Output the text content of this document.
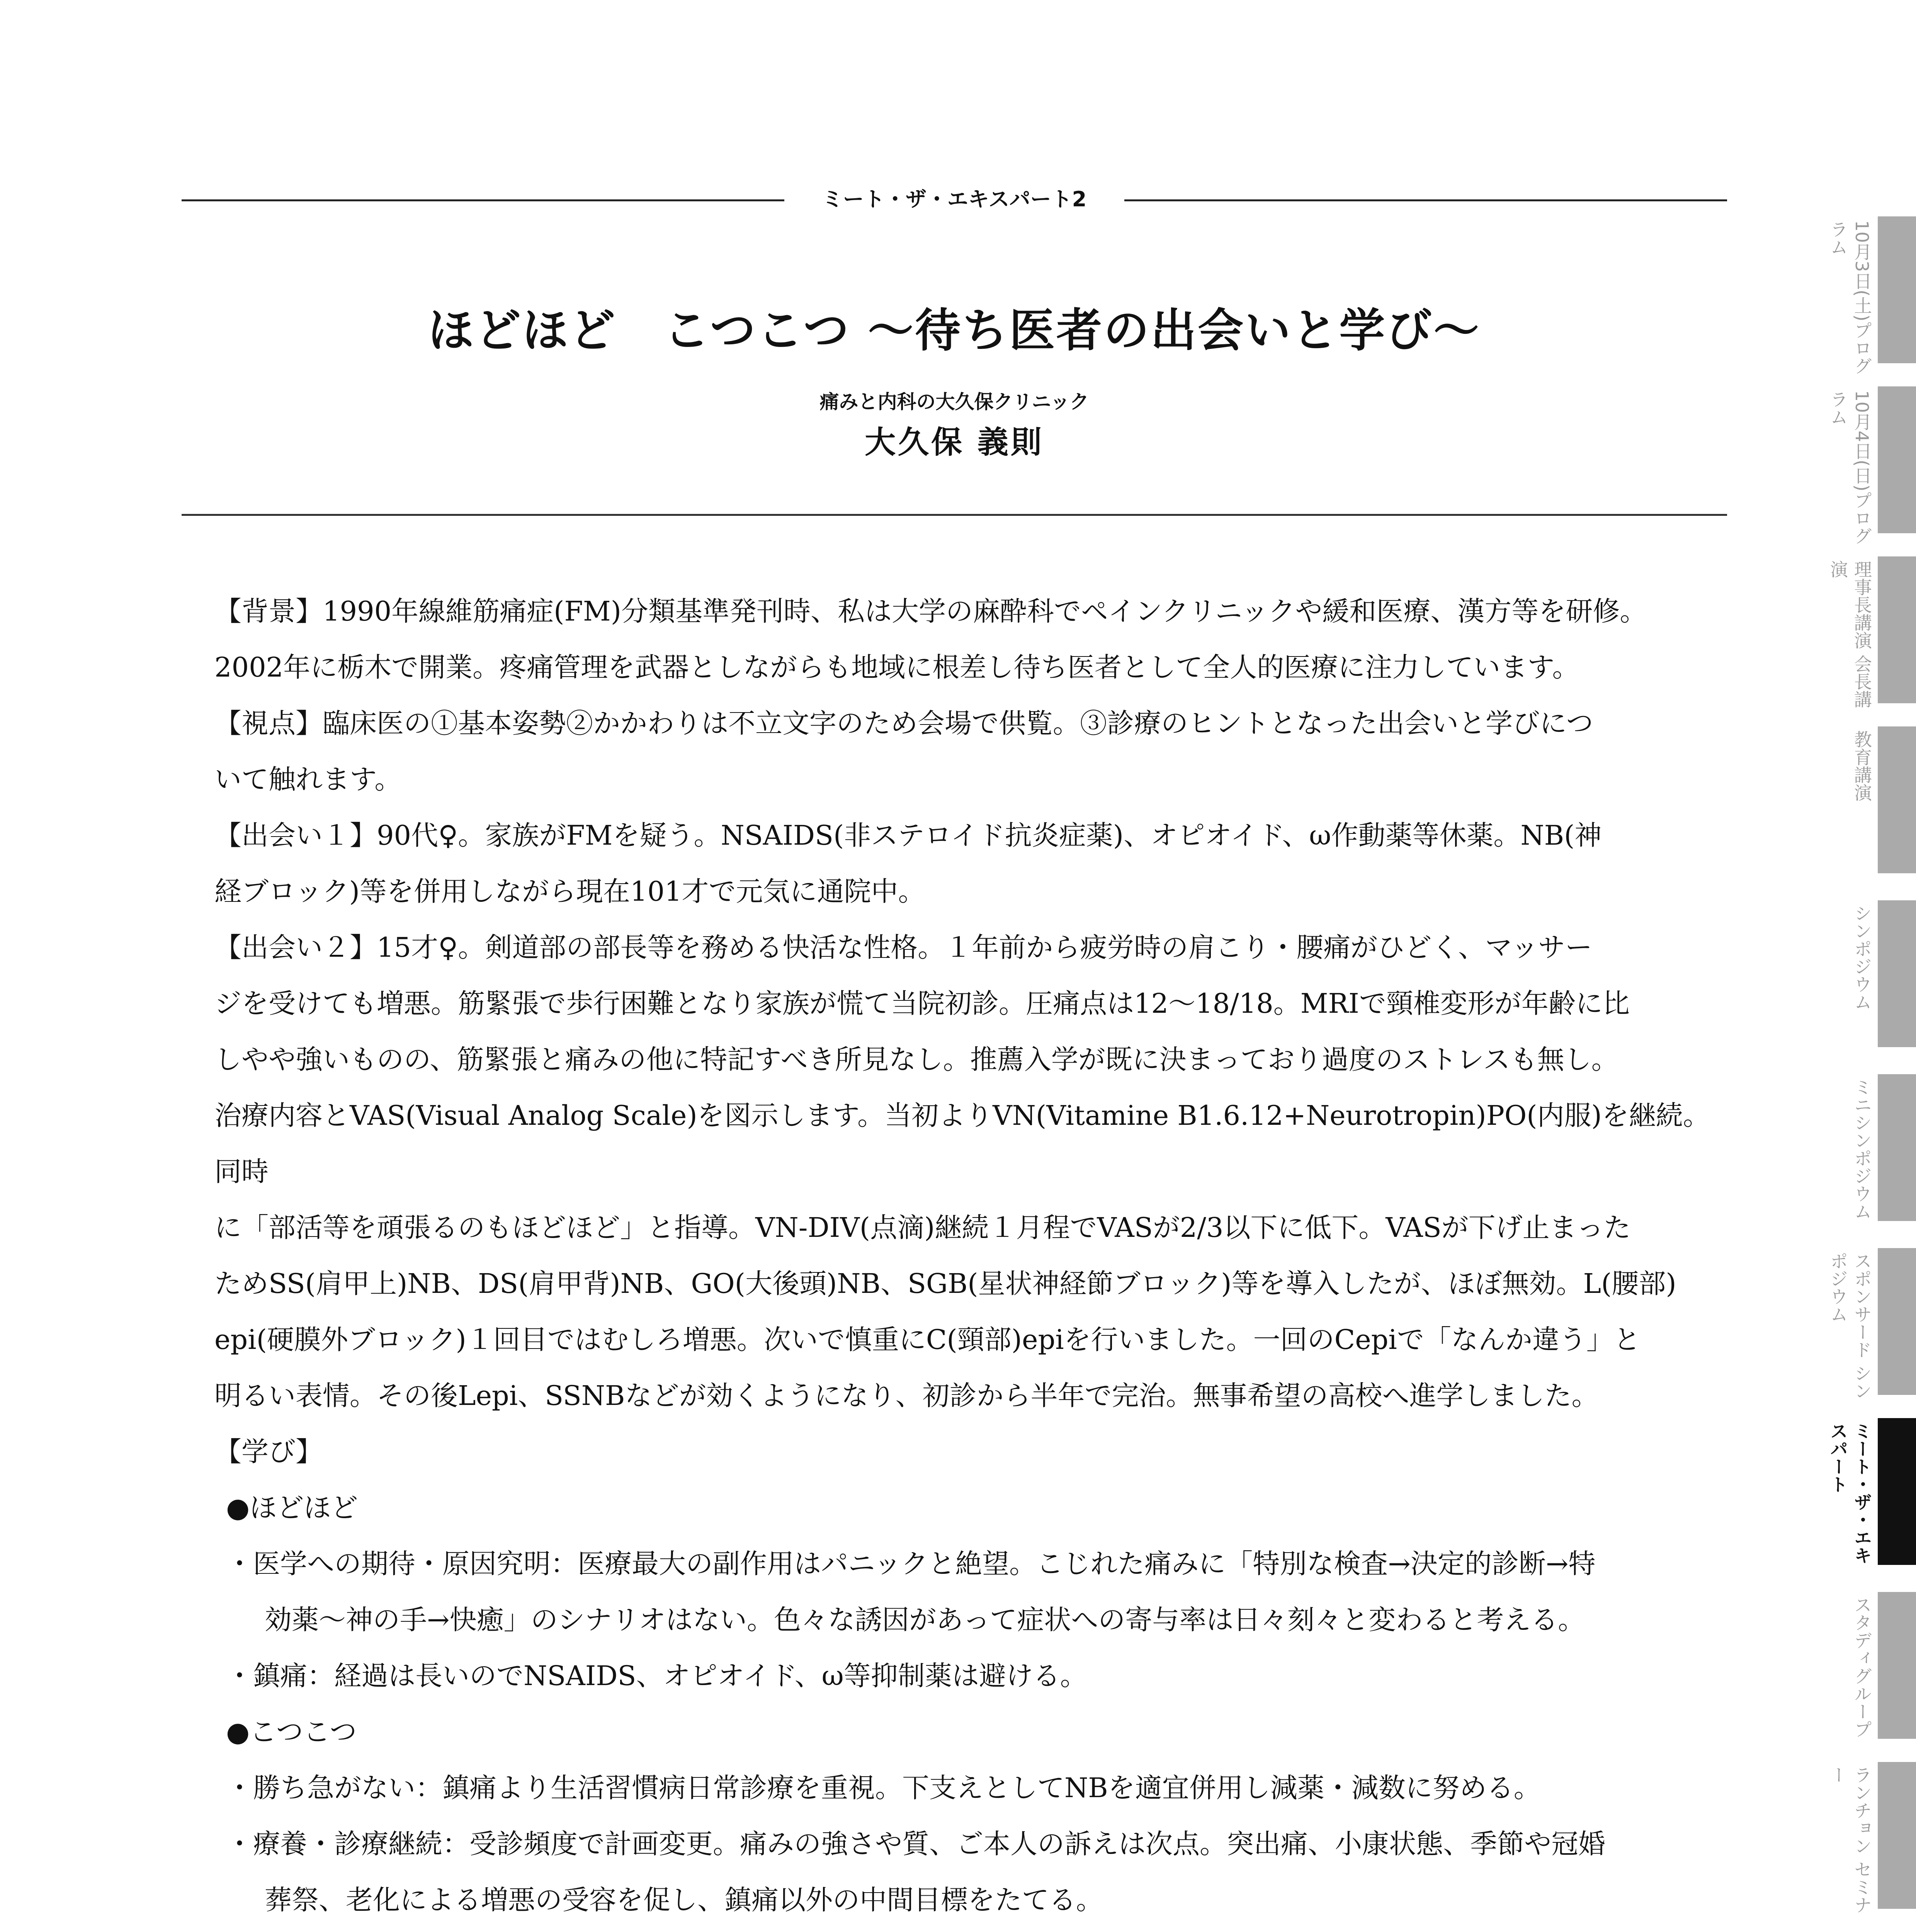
ミート・ザ・エキスパート2
ほどほど　こつこつ ～待ち医者の出会いと学び～
痛みと内科の大久保クリニック
大久保 義則

【背景】1990年線維筋痛症(FM)分類基準発刊時、私は大学の麻酔科でペインクリニックや緩和医療、漢方等を研修。

2002年に栃木で開業。疼痛管理を武器としながらも地域に根差し待ち医者として全人的医療に注力しています。

【視点】臨床医の①基本姿勢②かかわりは不立文字のため会場で供覧。③診療のヒントとなった出会いと学びにつ

いて触れます。

【出会い１】90代♀。家族がFMを疑う。NSAIDS(非ステロイド抗炎症薬)、オピオイド、ω作動薬等休薬。NB(神

経ブロック)等を併用しながら現在101才で元気に通院中。

【出会い２】15才♀。剣道部の部長等を務める快活な性格。１年前から疲労時の肩こり・腰痛がひどく、マッサー

ジを受けても増悪。筋緊張で歩行困難となり家族が慌て当院初診。圧痛点は12～18/18。MRIで頸椎変形が年齢に比

しやや強いものの、筋緊張と痛みの他に特記すべき所見なし。推薦入学が既に決まっており過度のストレスも無し。

治療内容とVAS(Visual Analog Scale)を図示します。当初よりVN(Vitamine B1.6.12+Neurotropin)PO(内服)を継続。同時

に「部活等を頑張るのもほどほど」と指導。VN-DIV(点滴)継続１月程でVASが2/3以下に低下。VASが下げ止まった

ためSS(肩甲上)NB、DS(肩甲背)NB、GO(大後頭)NB、SGB(星状神経節ブロック)等を導入したが、ほぼ無効。L(腰部)

epi(硬膜外ブロック)１回目ではむしろ増悪。次いで慎重にC(頸部)epiを行いました。一回のCepiで「なんか違う」と

明るい表情。その後Lepi、SSNBなどが効くようになり、初診から半年で完治。無事希望の高校へ進学しました。

【学び】

●ほどほど

・医学への期待・原因究明：医療最大の副作用はパニックと絶望。こじれた痛みに「特別な検査→決定的診断→特

効薬～神の手→快癒」のシナリオはない。色々な誘因があって症状への寄与率は日々刻々と変わると考える。

・鎮痛：経過は長いのでNSAIDS、オピオイド、ω等抑制薬は避ける。

●こつこつ

・勝ち急がない：鎮痛より生活習慣病日常診療を重視。下支えとしてNBを適宜併用し減薬・減数に努める。

・療養・診療継続：受診頻度で計画変更。痛みの強さや質、ご本人の訴えは次点。突出痛、小康状態、季節や冠婚

葬祭、老化による増悪の受容を促し、鎮痛以外の中間目標をたてる。

10月3日(土)プログラム
10月4日(日)プログラム
理事長講演 会長講演
教育講演
シンポジウム
ミニシンポジウム
スポンサード シンポジウム
ミート・ザ・エキスパート
スタディグループ
ランチョン セミナー
